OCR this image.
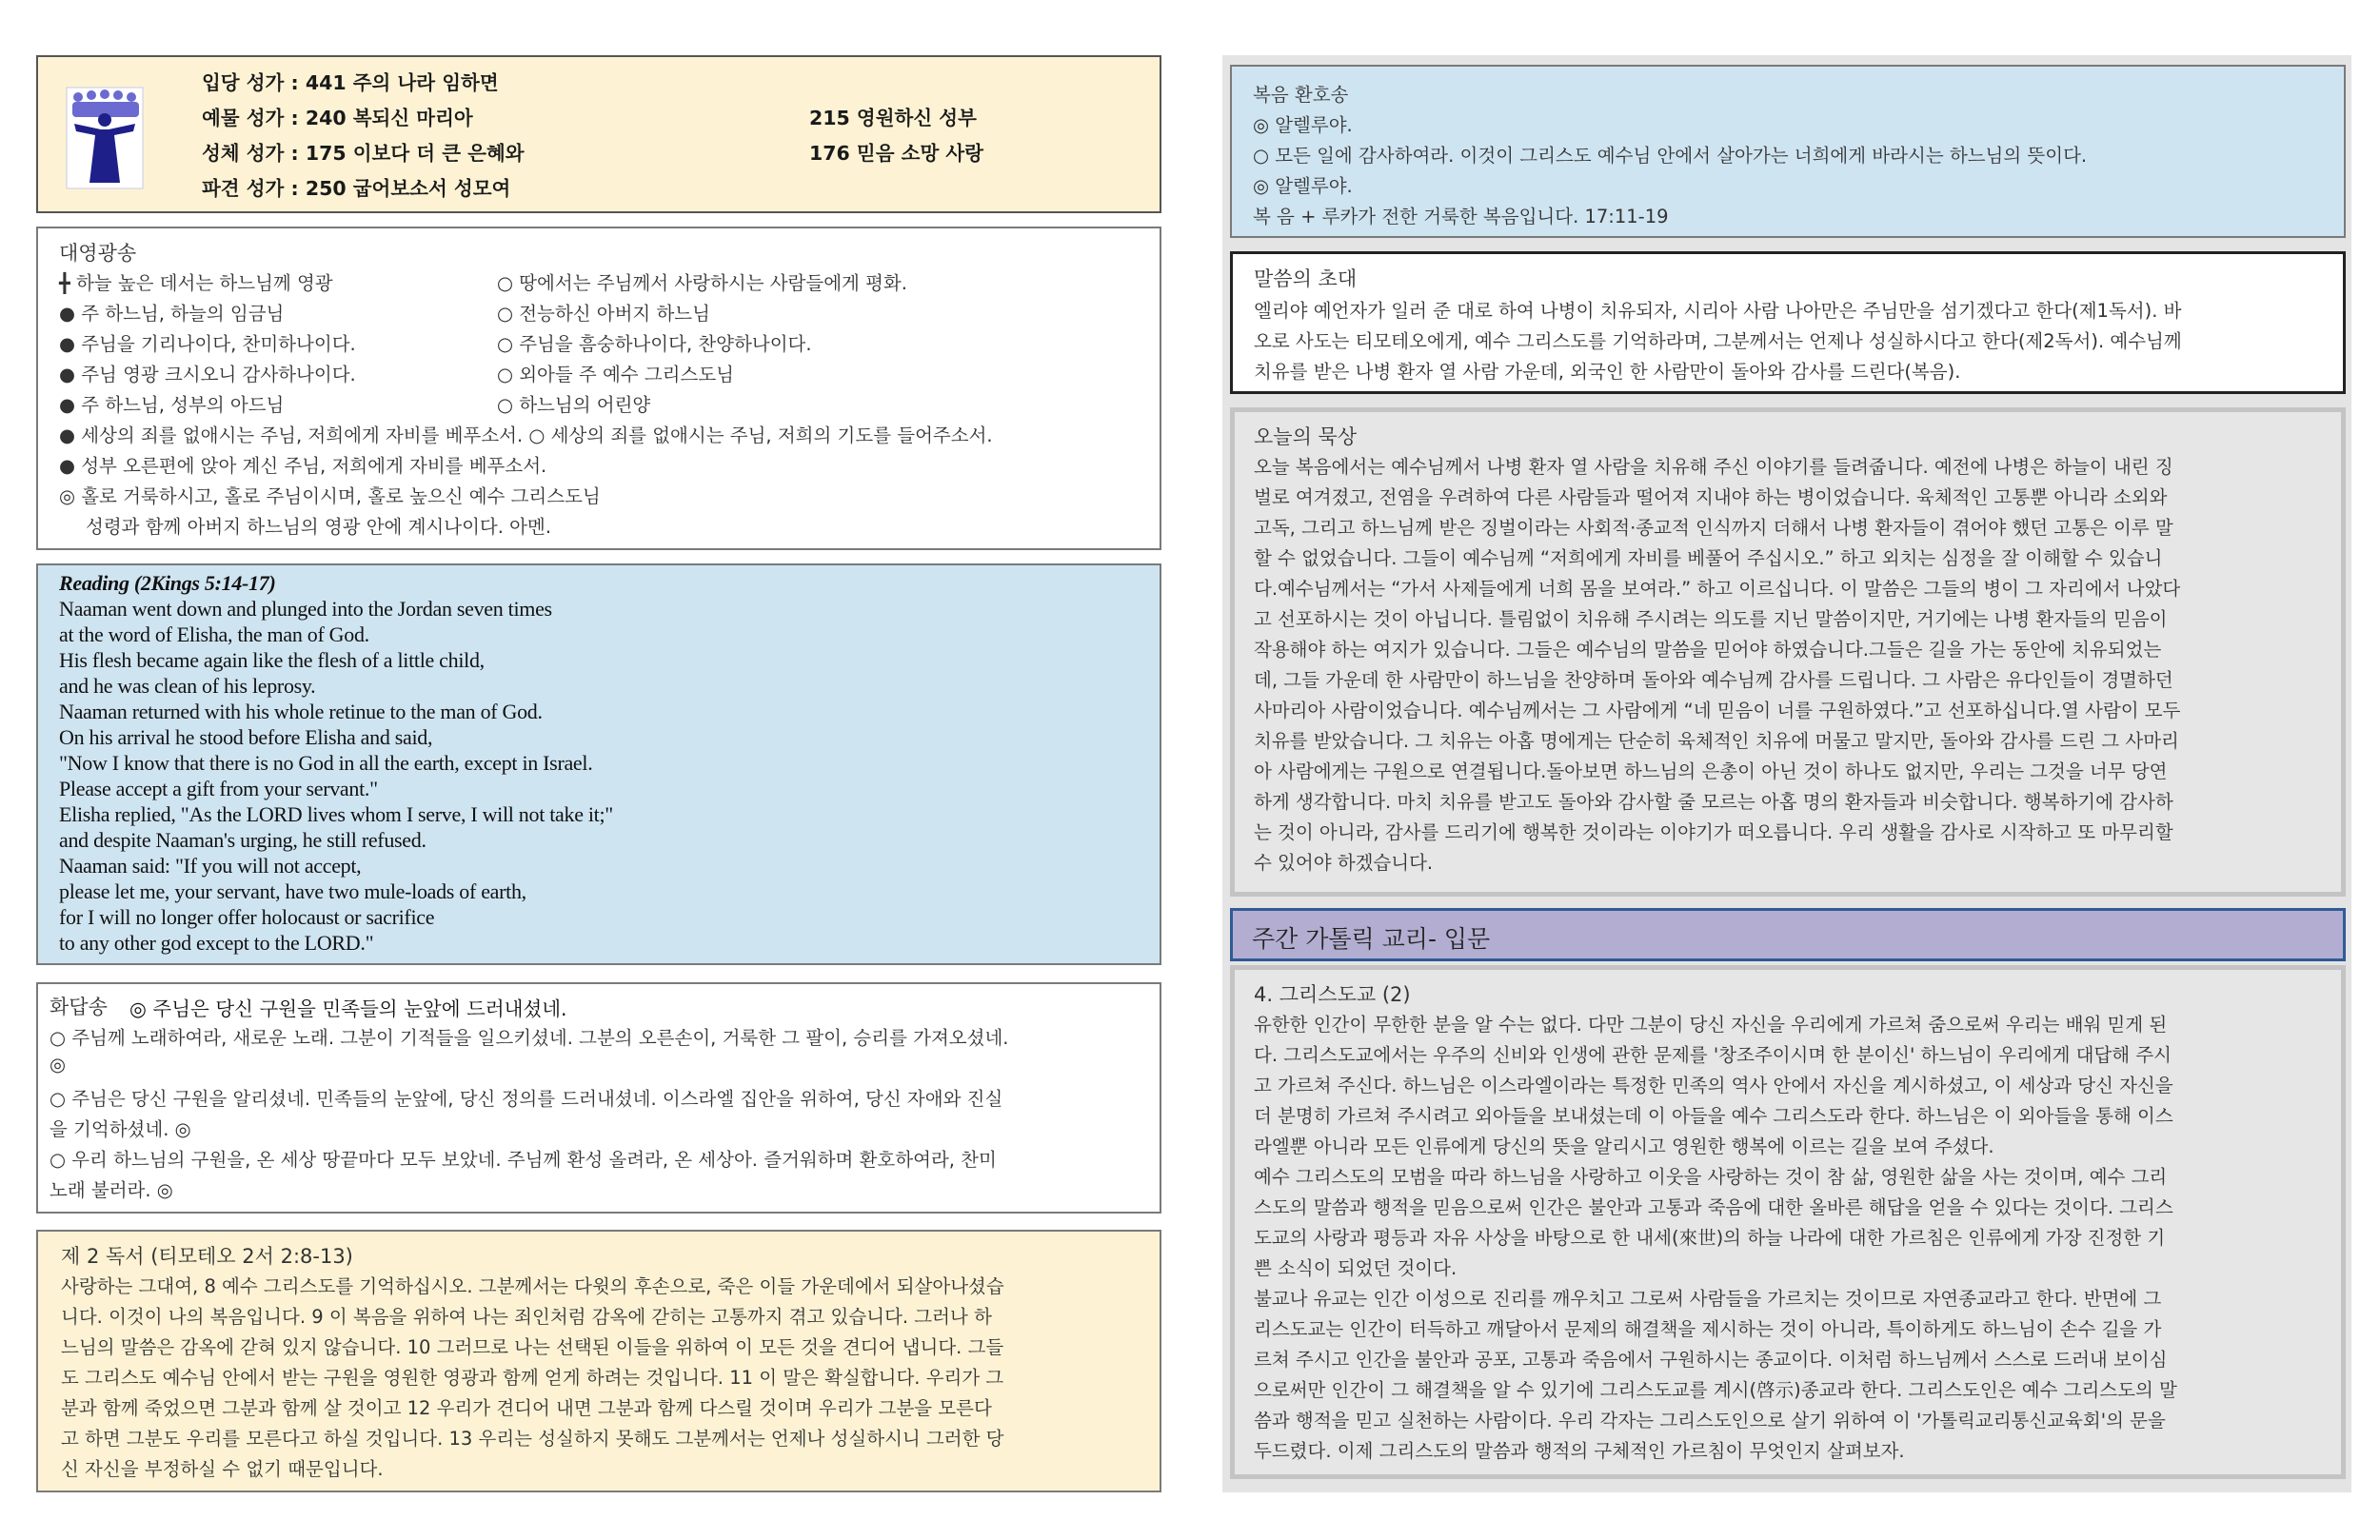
입당 성가 : 441 주의 나라 임하면
예물 성가 : 240 복되신 마리아
성체 성가 : 175 이보다 더 큰 은혜와
파견 성가 : 250 굽어보소서 성모여
215 영원하신 성부
176 믿음 소망 사랑
대영광송
╋ 하늘 높은 데서는 하느님께 영광
● 주 하느님, 하늘의 임금님
● 주님을 기리나이다, 찬미하나이다.
● 주님 영광 크시오니 감사하나이다.
● 주 하느님, 성부의 아드님
○ 땅에서는 주님께서 사랑하시는 사람들에게 평화.
○ 전능하신 아버지 하느님
○ 주님을 흠숭하나이다, 찬양하나이다.
○ 외아들 주 예수 그리스도님
○ 하느님의 어린양
● 세상의 죄를 없애시는 주님, 저희에게 자비를 베푸소서. ○ 세상의 죄를 없애시는 주님, 저희의 기도를 들어주소서.
● 성부 오른편에 앉아 계신 주님, 저희에게 자비를 베푸소서.
◎ 홀로 거룩하시고, 홀로 주님이시며, 홀로 높으신 예수 그리스도님
성령과 함께 아버지 하느님의 영광 안에 계시나이다. 아멘.
Reading (2Kings 5:14-17)
Naaman went down and plunged into the Jordan seven times
at the word of Elisha, the man of God.
His flesh became again like the flesh of a little child,
and he was clean of his leprosy.
Naaman returned with his whole retinue to the man of God.
On his arrival he stood before Elisha and said,
"Now I know that there is no God in all the earth, except in Israel.
Please accept a gift from your servant."
Elisha replied, "As the LORD lives whom I serve, I will not take it;"
and despite Naaman's urging, he still refused.
Naaman said: "If you will not accept,
please let me, your servant, have two mule-loads of earth,
for I will no longer offer holocaust or sacrifice
to any other god except to the LORD."
화답송 ◎ 주님은 당신 구원을 민족들의 눈앞에 드러내셨네.
○ 주님께 노래하여라, 새로운 노래. 그분이 기적들을 일으키셨네. 그분의 오른손이, 거룩한 그 팔이, 승리를 가져오셨네.
◎
○ 주님은 당신 구원을 알리셨네. 민족들의 눈앞에, 당신 정의를 드러내셨네. 이스라엘 집안을 위하여, 당신 자애와 진실
을 기억하셨네. ◎
○ 우리 하느님의 구원을, 온 세상 땅끝마다 모두 보았네. 주님께 환성 올려라, 온 세상아. 즐거워하며 환호하여라, 찬미
노래 불러라. ◎
제 2 독서 (티모테오 2서 2:8-13)
사랑하는 그대여, 8 예수 그리스도를 기억하십시오. 그분께서는 다윗의 후손으로, 죽은 이들 가운데에서 되살아나셨습
니다. 이것이 나의 복음입니다. 9 이 복음을 위하여 나는 죄인처럼 감옥에 갇히는 고통까지 겪고 있습니다. 그러나 하
느님의 말씀은 감옥에 갇혀 있지 않습니다. 10 그러므로 나는 선택된 이들을 위하여 이 모든 것을 견디어 냅니다. 그들
도 그리스도 예수님 안에서 받는 구원을 영원한 영광과 함께 얻게 하려는 것입니다. 11 이 말은 확실합니다. 우리가 그
분과 함께 죽었으면 그분과 함께 살 것이고 12 우리가 견디어 내면 그분과 함께 다스릴 것이며 우리가 그분을 모른다
고 하면 그분도 우리를 모른다고 하실 것입니다. 13 우리는 성실하지 못해도 그분께서는 언제나 성실하시니 그러한 당
신 자신을 부정하실 수 없기 때문입니다.
복음 환호송
◎ 알렐루야.
○ 모든 일에 감사하여라. 이것이 그리스도 예수님 안에서 살아가는 너희에게 바라시는 하느님의 뜻이다.
◎ 알렐루야.
복 음 + 루카가 전한 거룩한 복음입니다. 17:11-19
말씀의 초대
엘리야 예언자가 일러 준 대로 하여 나병이 치유되자, 시리아 사람 나아만은 주님만을 섬기겠다고 한다(제1독서). 바
오로 사도는 티모테오에게, 예수 그리스도를 기억하라며, 그분께서는 언제나 성실하시다고 한다(제2독서). 예수님께
치유를 받은 나병 환자 열 사람 가운데, 외국인 한 사람만이 돌아와 감사를 드린다(복음).
오늘의 묵상
오늘 복음에서는 예수님께서 나병 환자 열 사람을 치유해 주신 이야기를 들려줍니다. 예전에 나병은 하늘이 내린 징
벌로 여겨졌고, 전염을 우려하여 다른 사람들과 떨어져 지내야 하는 병이었습니다. 육체적인 고통뿐 아니라 소외와
고독, 그리고 하느님께 받은 징벌이라는 사회적·종교적 인식까지 더해서 나병 환자들이 겪어야 했던 고통은 이루 말
할 수 없었습니다. 그들이 예수님께 “저희에게 자비를 베풀어 주십시오.” 하고 외치는 심정을 잘 이해할 수 있습니
다.예수님께서는 “가서 사제들에게 너희 몸을 보여라.” 하고 이르십니다. 이 말씀은 그들의 병이 그 자리에서 나았다
고 선포하시는 것이 아닙니다. 틀림없이 치유해 주시려는 의도를 지닌 말씀이지만, 거기에는 나병 환자들의 믿음이
작용해야 하는 여지가 있습니다. 그들은 예수님의 말씀을 믿어야 하였습니다.그들은 길을 가는 동안에 치유되었는
데, 그들 가운데 한 사람만이 하느님을 찬양하며 돌아와 예수님께 감사를 드립니다. 그 사람은 유다인들이 경멸하던
사마리아 사람이었습니다. 예수님께서는 그 사람에게 “네 믿음이 너를 구원하였다.”고 선포하십니다.열 사람이 모두
치유를 받았습니다. 그 치유는 아홉 명에게는 단순히 육체적인 치유에 머물고 말지만, 돌아와 감사를 드린 그 사마리
아 사람에게는 구원으로 연결됩니다.돌아보면 하느님의 은총이 아닌 것이 하나도 없지만, 우리는 그것을 너무 당연
하게 생각합니다. 마치 치유를 받고도 돌아와 감사할 줄 모르는 아홉 명의 환자들과 비슷합니다. 행복하기에 감사하
는 것이 아니라, 감사를 드리기에 행복한 것이라는 이야기가 떠오릅니다. 우리 생활을 감사로 시작하고 또 마무리할
수 있어야 하겠습니다.
주간 가톨릭 교리- 입문
4. 그리스도교 (2)
유한한 인간이 무한한 분을 알 수는 없다. 다만 그분이 당신 자신을 우리에게 가르쳐 줌으로써 우리는 배워 믿게 된
다. 그리스도교에서는 우주의 신비와 인생에 관한 문제를 '창조주이시며 한 분이신' 하느님이 우리에게 대답해 주시
고 가르쳐 주신다. 하느님은 이스라엘이라는 특정한 민족의 역사 안에서 자신을 계시하셨고, 이 세상과 당신 자신을
더 분명히 가르쳐 주시려고 외아들을 보내셨는데 이 아들을 예수 그리스도라 한다. 하느님은 이 외아들을 통해 이스
라엘뿐 아니라 모든 인류에게 당신의 뜻을 알리시고 영원한 행복에 이르는 길을 보여 주셨다.
예수 그리스도의 모범을 따라 하느님을 사랑하고 이웃을 사랑하는 것이 참 삶, 영원한 삶을 사는 것이며, 예수 그리
스도의 말씀과 행적을 믿음으로써 인간은 불안과 고통과 죽음에 대한 올바른 해답을 얻을 수 있다는 것이다. 그리스
도교의 사랑과 평등과 자유 사상을 바탕으로 한 내세(來世)의 하늘 나라에 대한 가르침은 인류에게 가장 진정한 기
쁜 소식이 되었던 것이다.
불교나 유교는 인간 이성으로 진리를 깨우치고 그로써 사람들을 가르치는 것이므로 자연종교라고 한다. 반면에 그
리스도교는 인간이 터득하고 깨달아서 문제의 해결책을 제시하는 것이 아니라, 특이하게도 하느님이 손수 길을 가
르쳐 주시고 인간을 불안과 공포, 고통과 죽음에서 구원하시는 종교이다. 이처럼 하느님께서 스스로 드러내 보이심
으로써만 인간이 그 해결책을 알 수 있기에 그리스도교를 계시(啓示)종교라 한다. 그리스도인은 예수 그리스도의 말
씀과 행적을 믿고 실천하는 사람이다. 우리 각자는 그리스도인으로 살기 위하여 이 '가톨릭교리통신교육회'의 문을
두드렸다. 이제 그리스도의 말씀과 행적의 구체적인 가르침이 무엇인지 살펴보자.
